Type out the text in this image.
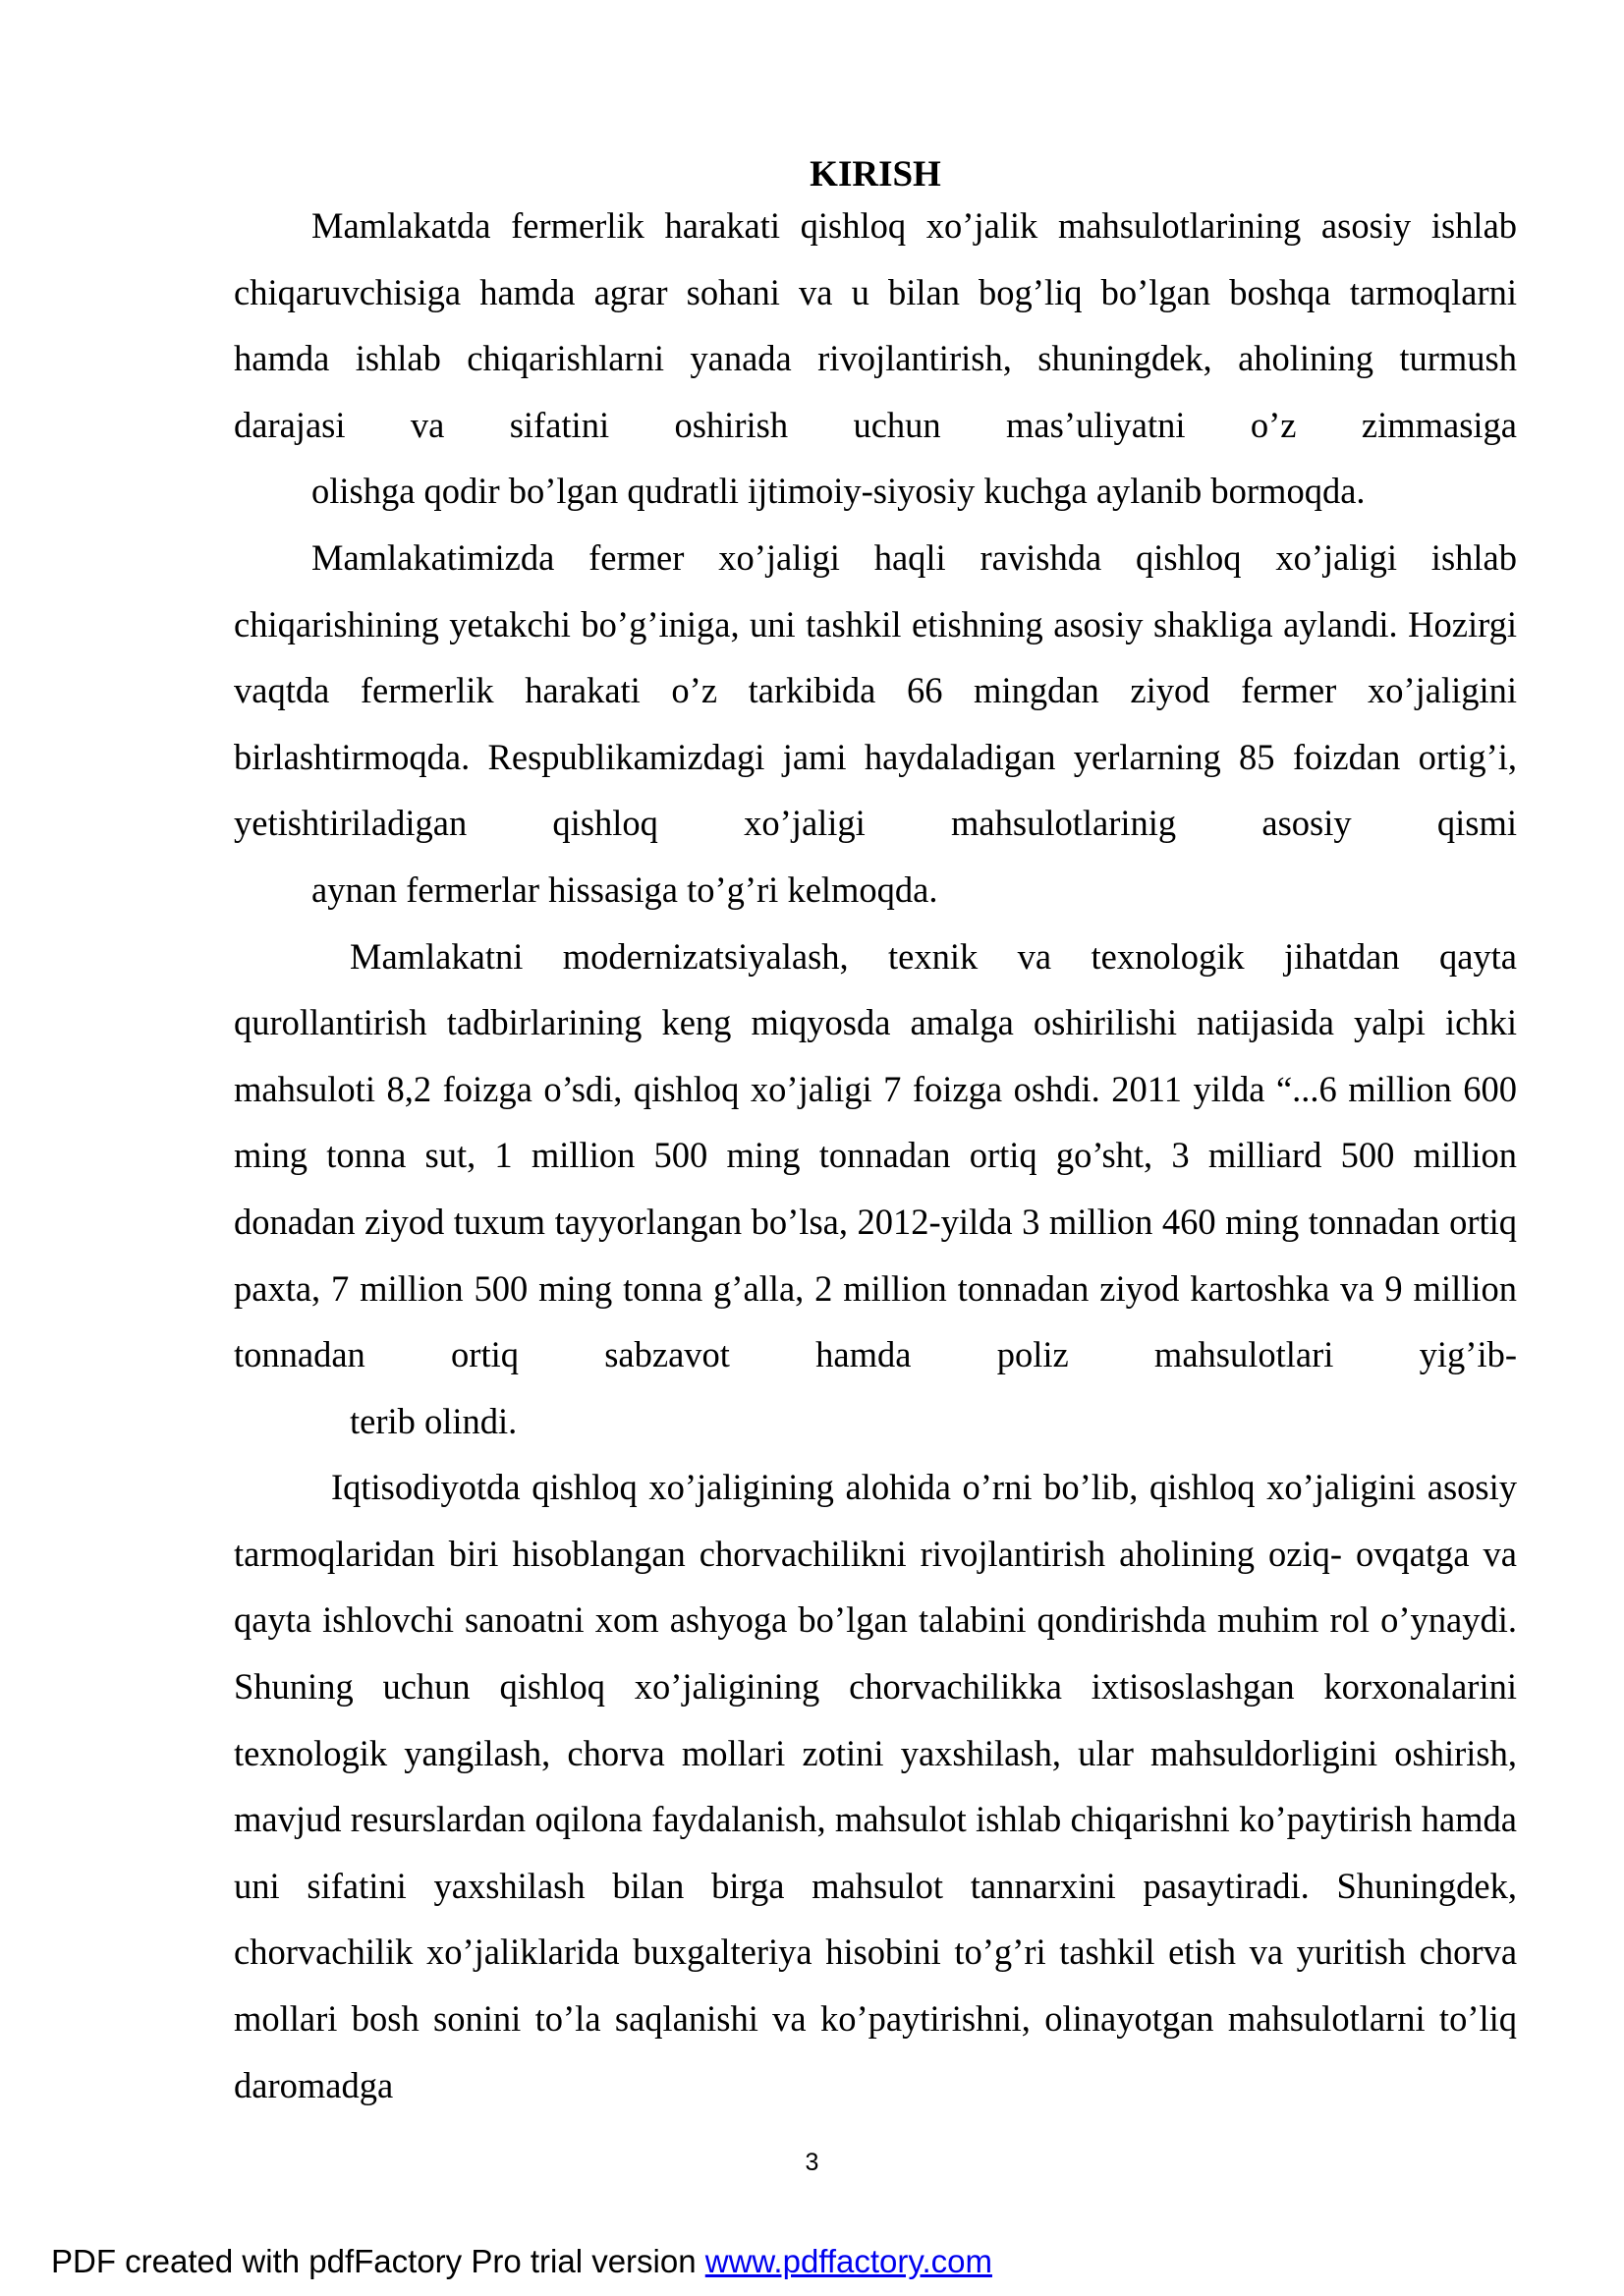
KIRISH

Mamlakatda fermerlik harakati qishloq xo’jalik mahsulotlarining asosiy ishlab chiqaruvchisiga hamda agrar sohani va u bilan bog’liq bo’lgan boshqa tarmoqlarni hamda ishlab chiqarishlarni yanada rivojlantirish, shuningdek, aholining turmush darajasi va sifatini oshirish uchun mas’uliyatni o’z zimmasiga
olishga qodir bo’lgan qudratli ijtimoiy-siyosiy kuchga aylanib bormoqda.

Mamlakatimizda fermer xo’jaligi haqli ravishda qishloq xo’jaligi ishlab chiqarishining yetakchi bo’g’iniga, uni tashkil etishning asosiy shakliga aylandi. Hozirgi vaqtda fermerlik harakati o’z tarkibida 66 mingdan ziyod fermer xo’jaligini birlashtirmoqda. Respublikamizdagi jami haydaladigan yerlarning 85 foizdan ortig’i, yetishtiriladigan qishloq xo’jaligi mahsulotlarinig asosiy qismi
aynan fermerlar hissasiga to’g’ri kelmoqda.

Mamlakatni modernizatsiyalash, texnik va texnologik jihatdan qayta qurollantirish tadbirlarining keng miqyosda amalga oshirilishi natijasida yalpi ichki mahsuloti 8,2 foizga o’sdi, qishloq xo’jaligi 7 foizga oshdi. 2011 yilda “...6 million 600 ming tonna sut, 1 million 500 ming tonnadan ortiq go’sht, 3 milliard 500 million donadan ziyod tuxum tayyorlangan bo’lsa, 2012-yilda 3 million 460 ming tonnadan ortiq paxta, 7 million 500 ming tonna g’alla, 2 million tonnadan ziyod kartoshka va 9 million tonnadan ortiq sabzavot hamda poliz mahsulotlari yig’ib-
terib olindi.

Iqtisodiyotda qishloq xo’jaligining alohida o’rni bo’lib, qishloq xo’jaligini asosiy tarmoqlaridan biri hisoblangan chorvachilikni rivojlantirish aholining oziq- ovqatga va qayta ishlovchi sanoatni xom ashyoga bo’lgan talabini qondirishda muhim rol o’ynaydi. Shuning uchun qishloq xo’jaligining chorvachilikka ixtisoslashgan korxonalarini texnologik yangilash, chorva mollari zotini yaxshilash, ular mahsuldorligini oshirish, mavjud resurslardan oqilona faydalanish, mahsulot ishlab chiqarishni ko’paytirish hamda uni sifatini yaxshilash bilan birga mahsulot tannarxini pasaytiradi. Shuningdek, chorvachilik xo’jaliklarida buxgalteriya hisobini to’g’ri tashkil etish va yuritish chorva mollari bosh sonini to’la saqlanishi va ko’paytirishni, olinayotgan mahsulotlarni to’liq daromadga

3
PDF created with pdfFactory Pro trial version www.pdffactory.com
